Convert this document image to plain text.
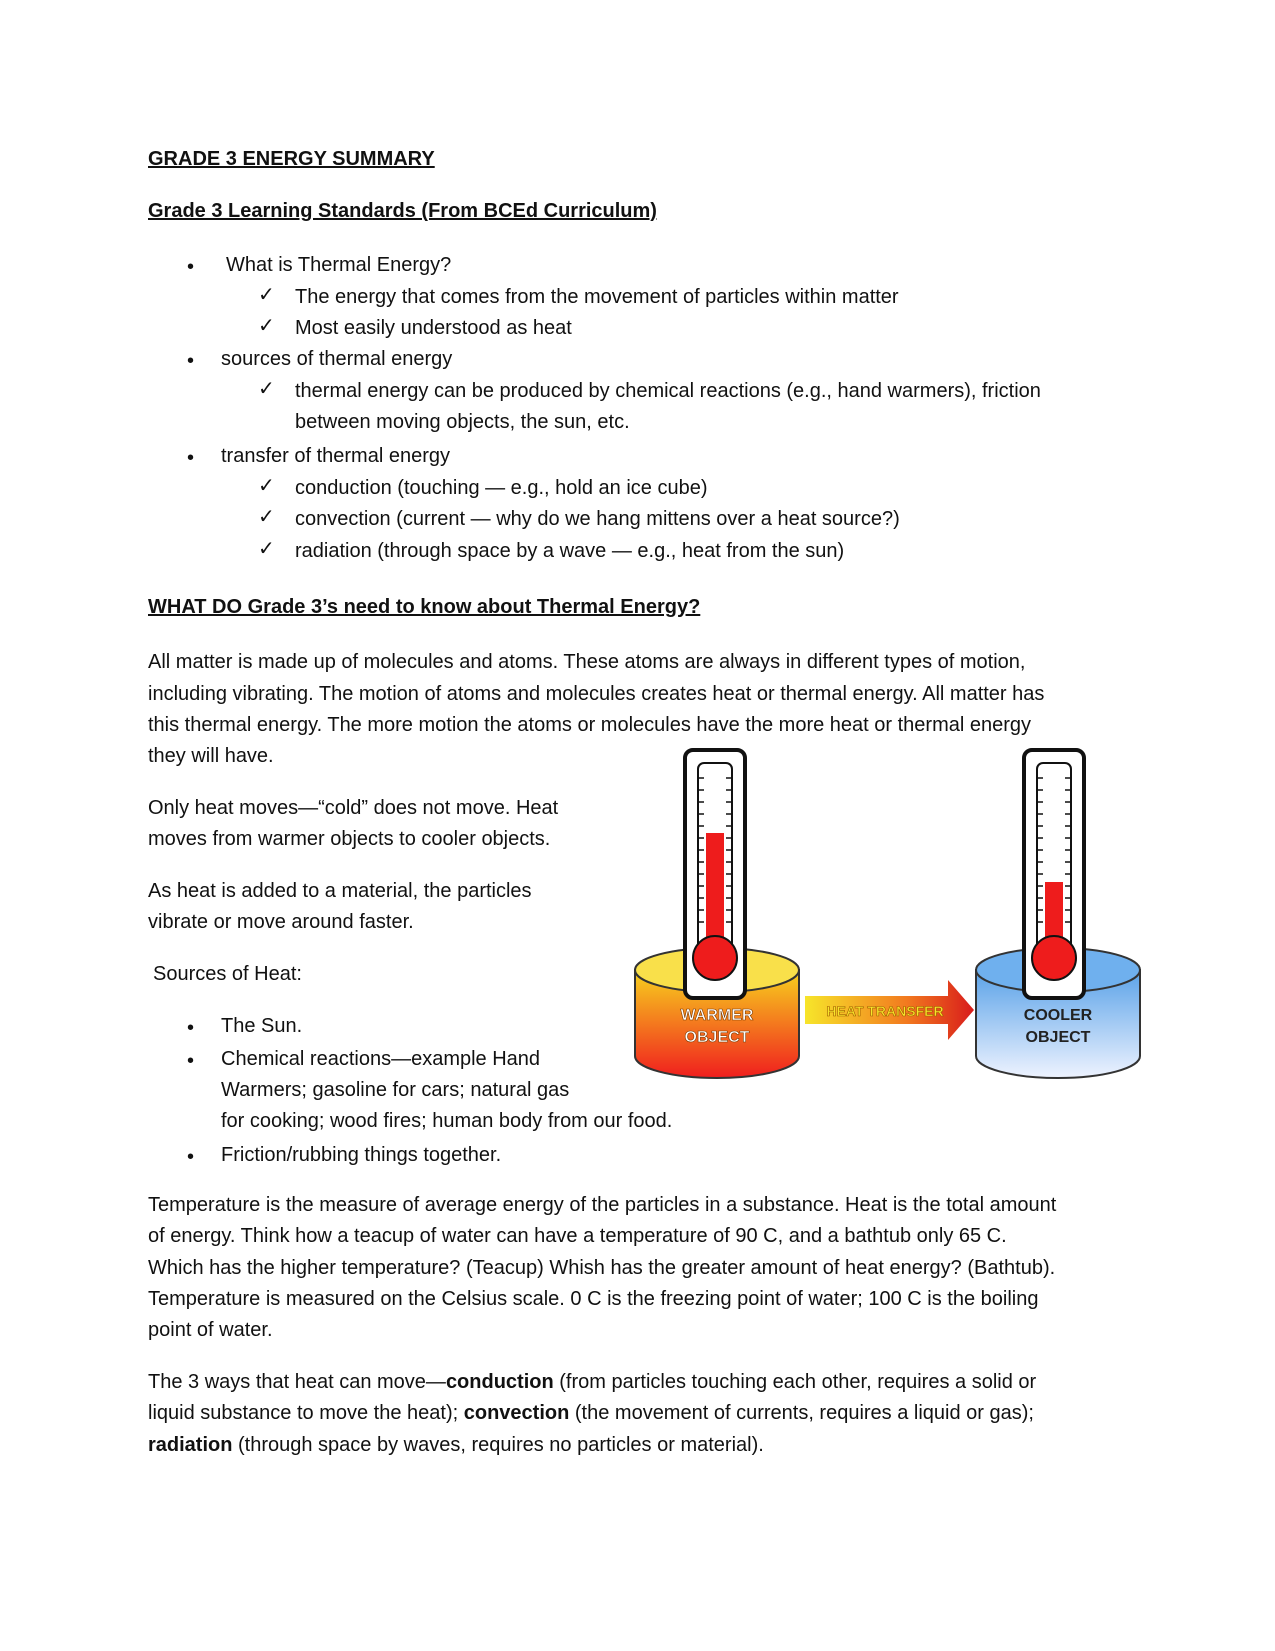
GRADE 3 ENERGY SUMMARY
Grade 3 Learning Standards (From BCEd Curriculum)
• What is Thermal Energy?
✓ The energy that comes from the movement of particles within matter
✓ Most easily understood as heat
• sources of thermal energy
✓ thermal energy can be produced by chemical reactions (e.g., hand warmers), friction
between moving objects, the sun, etc.
• transfer of thermal energy
✓ conduction (touching — e.g., hold an ice cube)
✓ convection (current — why do we hang mittens over a heat source?)
✓ radiation (through space by a wave — e.g., heat from the sun)
WHAT DO Grade 3’s need to know about Thermal Energy?
All matter is made up of molecules and atoms. These atoms are always in different types of motion,
including vibrating. The motion of atoms and molecules creates heat or thermal energy. All matter has
this thermal energy. The more motion the atoms or molecules have the more heat or thermal energy
they will have.
Only heat moves—“cold” does not move. Heat
moves from warmer objects to cooler objects.
As heat is added to a material, the particles
vibrate or move around faster.
Sources of Heat:
• The Sun.
• Chemical reactions—example Hand
Warmers; gasoline for cars; natural gas
for cooking; wood fires; human body from our food.
• Friction/rubbing things together.
WARMER
OBJECT
HEAT TRANSFER	COOLER
OBJECT
Temperature is the measure of average energy of the particles in a substance. Heat is the total amount
of energy. Think how a teacup of water can have a temperature of 90 C, and a bathtub only 65 C.
Which has the higher temperature? (Teacup) Whish has the greater amount of heat energy? (Bathtub).
Temperature is measured on the Celsius scale. 0 C is the freezing point of water; 100 C is the boiling
point of water.
The 3 ways that heat can move—conduction (from particles touching each other, requires a solid or
liquid substance to move the heat); convection (the movement of currents, requires a liquid or gas);
radiation (through space by waves, requires no particles or material).
